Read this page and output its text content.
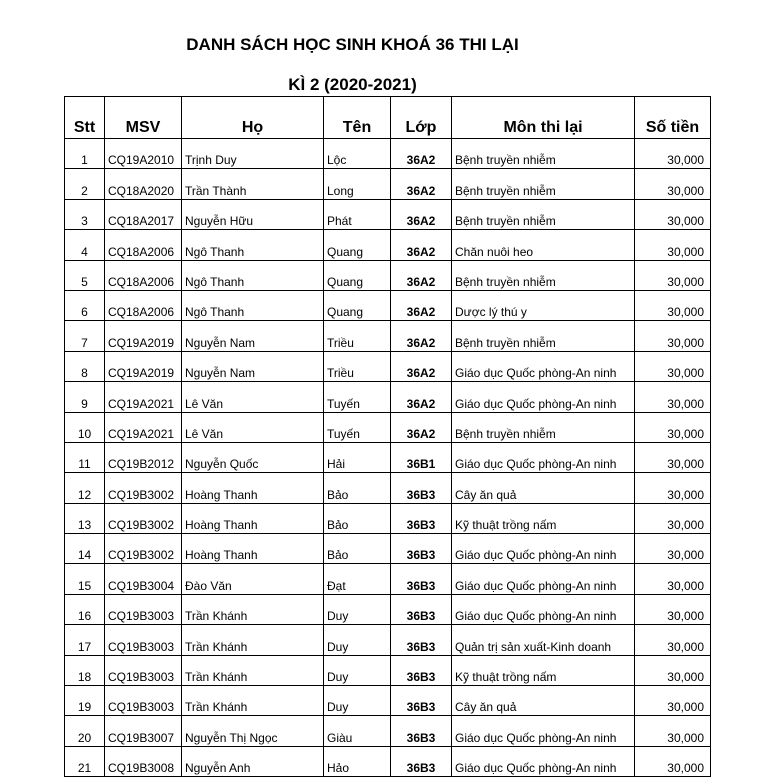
DANH SÁCH HỌC SINH KHOÁ 36 THI LẠI
KÌ 2 (2020-2021)
Stt	MSV	Họ	Tên	Lớp	Môn thi lại	Số tiền
1	CQ19A2010	Trịnh Duy	Lộc	36A2	Bệnh truyền nhiễm	30,000
2	CQ18A2020	Trần Thành	Long	36A2	Bệnh truyền nhiễm	30,000
3	CQ18A2017	Nguyễn Hữu	Phát	36A2	Bệnh truyền nhiễm	30,000
4	CQ18A2006	Ngô Thanh	Quang	36A2	Chăn nuôi heo	30,000
5	CQ18A2006	Ngô Thanh	Quang	36A2	Bệnh truyền nhiễm	30,000
6	CQ18A2006	Ngô Thanh	Quang	36A2	Dược lý thú y	30,000
7	CQ19A2019	Nguyễn Nam	Triều	36A2	Bệnh truyền nhiễm	30,000
8	CQ19A2019	Nguyễn Nam	Triều	36A2	Giáo dục Quốc phòng-An ninh	30,000
9	CQ19A2021	Lê Văn	Tuyến	36A2	Giáo dục Quốc phòng-An ninh	30,000
10	CQ19A2021	Lê Văn	Tuyến	36A2	Bệnh truyền nhiễm	30,000
11	CQ19B2012	Nguyễn Quốc	Hải	36B1	Giáo dục Quốc phòng-An ninh	30,000
12	CQ19B3002	Hoàng Thanh	Bảo	36B3	Cây ăn quả	30,000
13	CQ19B3002	Hoàng Thanh	Bảo	36B3	Kỹ thuật trồng nấm	30,000
14	CQ19B3002	Hoàng Thanh	Bảo	36B3	Giáo dục Quốc phòng-An ninh	30,000
15	CQ19B3004	Đào Văn	Đạt	36B3	Giáo dục Quốc phòng-An ninh	30,000
16	CQ19B3003	Trần Khánh	Duy	36B3	Giáo dục Quốc phòng-An ninh	30,000
17	CQ19B3003	Trần Khánh	Duy	36B3	Quản trị sản xuất-Kinh doanh	30,000
18	CQ19B3003	Trần Khánh	Duy	36B3	Kỹ thuật trồng nấm	30,000
19	CQ19B3003	Trần Khánh	Duy	36B3	Cây ăn quả	30,000
20	CQ19B3007	Nguyễn Thị Ngọc	Giàu	36B3	Giáo dục Quốc phòng-An ninh	30,000
21	CQ19B3008	Nguyễn Anh	Hảo	36B3	Giáo dục Quốc phòng-An ninh	30,000
